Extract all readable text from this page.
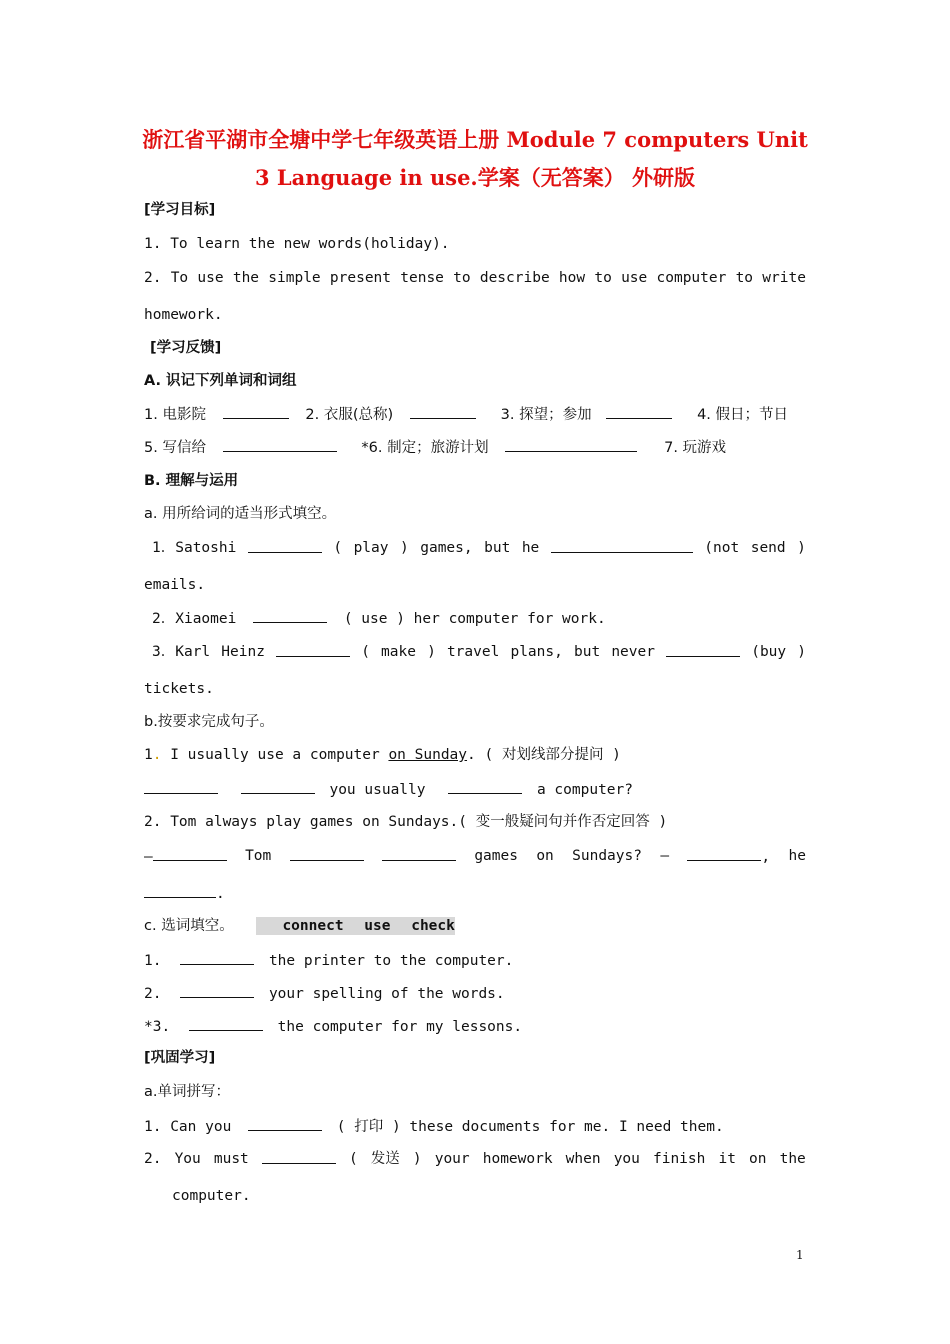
浙江省平湖市全塘中学七年级英语上册 Module 7 computers Unit
3 Language in use.学案（无答案） 外研版
[学习目标]
1. To learn the new words(holiday).
2. To use the simple present tense to describe how to use computer to write
homework.
[学习反馈]
A. 识记下列单词和词组
1. 电影院	2. 衣服(总称)	3. 探望；参加	4. 假日；节日
5. 写信给	*6. 制定；旅游计划	7. 玩游戏
B. 理解与运用
a. 用所给词的适当形式填空。
1．Satoshi	( play ) games, but he	(not send )
emails.
2．Xiaomei	( use ) her computer for work.
3．Karl Heinz	( make ) travel plans, but never	(buy )
tickets.
b.按要求完成句子。
1. I usually use a computer on Sunday. ( 对划线部分提问 )
you usually	a computer?
2. Tom always play games on Sundays.( 变一般疑问句并作否定回答 )
—	Tom	games on Sundays? —	, he
.
c. 选词填空。	connect use check
1.	the printer to the computer.
2.	your spelling of the words.
*3.	the computer for my lessons.
[巩固学习]
a.单词拼写：
1. Can you	( 打印 ) these documents for me. I need them.
2. You must	( 发送 ) your homework when you finish it on the
computer.
1
